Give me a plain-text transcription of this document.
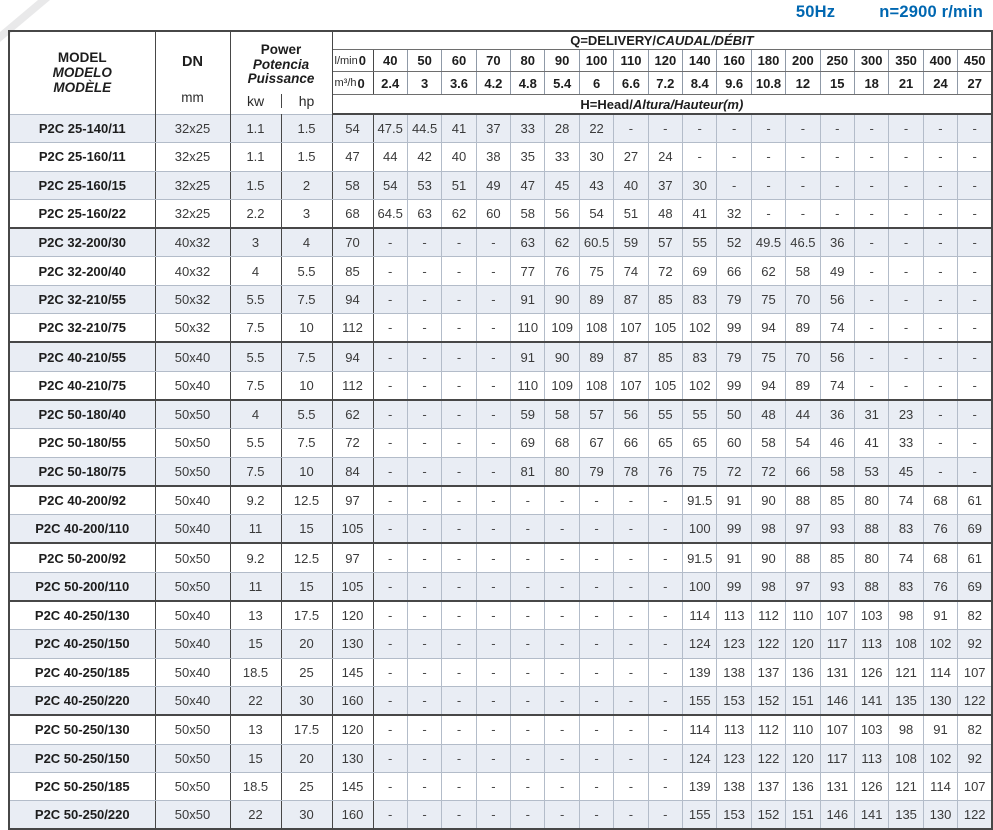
50Hz	n=2900 r/min
MODEL
MODELO
MODÈLE	DN
mm	Power
Potencia
Puissance
kw hp		Q=DELIVERY/CAUDAL/DÉBIT																		

				l/min 0	40	50	60	70	80	90	100	110	120	140	160	180	200	250	300	350	400	450

				m³/h 0	2.4	3	3.6	4.2	4.8	5.4	6	6.6	7.2	8.4	9.6	10.8	12	15	18	21	24	27
				H=Head/Altura/Hauteur(m)																		
P2C 25-140/11	32x25	1.1	1.5	54	47.5	44.5	41	37	33	28	22	-	-	-	-	-	-	-	-	-	-	-
P2C 25-160/11	32x25	1.1	1.5	47	44	42	40	38	35	33	30	27	24	-	-	-	-	-	-	-	-	-
P2C 25-160/15	32x25	1.5	2	58	54	53	51	49	47	45	43	40	37	30	-	-	-	-	-	-	-	-
P2C 25-160/22	32x25	2.2	3	68	64.5	63	62	60	58	56	54	51	48	41	32	-	-	-	-	-	-	-
P2C 32-200/30	40x32	3	4	70	-	-	-	-	63	62	60.5	59	57	55	52	49.5	46.5	36	-	-	-	-
P2C 32-200/40	40x32	4	5.5	85	-	-	-	-	77	76	75	74	72	69	66	62	58	49	-	-	-	-
P2C 32-210/55	50x32	5.5	7.5	94	-	-	-	-	91	90	89	87	85	83	79	75	70	56	-	-	-	-
P2C 32-210/75	50x32	7.5	10	112	-	-	-	-	110	109	108	107	105	102	99	94	89	74	-	-	-	-
P2C 40-210/55	50x40	5.5	7.5	94	-	-	-	-	91	90	89	87	85	83	79	75	70	56	-	-	-	-
P2C 40-210/75	50x40	7.5	10	112	-	-	-	-	110	109	108	107	105	102	99	94	89	74	-	-	-	-
P2C 50-180/40	50x50	4	5.5	62	-	-	-	-	59	58	57	56	55	55	50	48	44	36	31	23	-	-
P2C 50-180/55	50x50	5.5	7.5	72	-	-	-	-	69	68	67	66	65	65	60	58	54	46	41	33	-	-
P2C 50-180/75	50x50	7.5	10	84	-	-	-	-	81	80	79	78	76	75	72	72	66	58	53	45	-	-
P2C 40-200/92	50x40	9.2	12.5	97	-	-	-	-	-	-	-	-	-	91.5	91	90	88	85	80	74	68	61
P2C 40-200/110	50x40	11	15	105	-	-	-	-	-	-	-	-	-	100	99	98	97	93	88	83	76	69
P2C 50-200/92	50x50	9.2	12.5	97	-	-	-	-	-	-	-	-	-	91.5	91	90	88	85	80	74	68	61
P2C 50-200/110	50x50	11	15	105	-	-	-	-	-	-	-	-	-	100	99	98	97	93	88	83	76	69
P2C 40-250/130	50x40	13	17.5	120	-	-	-	-	-	-	-	-	-	114	113	112	110	107	103	98	91	82
P2C 40-250/150	50x40	15	20	130	-	-	-	-	-	-	-	-	-	124	123	122	120	117	113	108	102	92
P2C 40-250/185	50x40	18.5	25	145	-	-	-	-	-	-	-	-	-	139	138	137	136	131	126	121	114	107
P2C 40-250/220	50x40	22	30	160	-	-	-	-	-	-	-	-	-	155	153	152	151	146	141	135	130	122
P2C 50-250/130	50x50	13	17.5	120	-	-	-	-	-	-	-	-	-	114	113	112	110	107	103	98	91	82
P2C 50-250/150	50x50	15	20	130	-	-	-	-	-	-	-	-	-	124	123	122	120	117	113	108	102	92
P2C 50-250/185	50x50	18.5	25	145	-	-	-	-	-	-	-	-	-	139	138	137	136	131	126	121	114	107
P2C 50-250/220	50x50	22	30	160	-	-	-	-	-	-	-	-	-	155	153	152	151	146	141	135	130	122
